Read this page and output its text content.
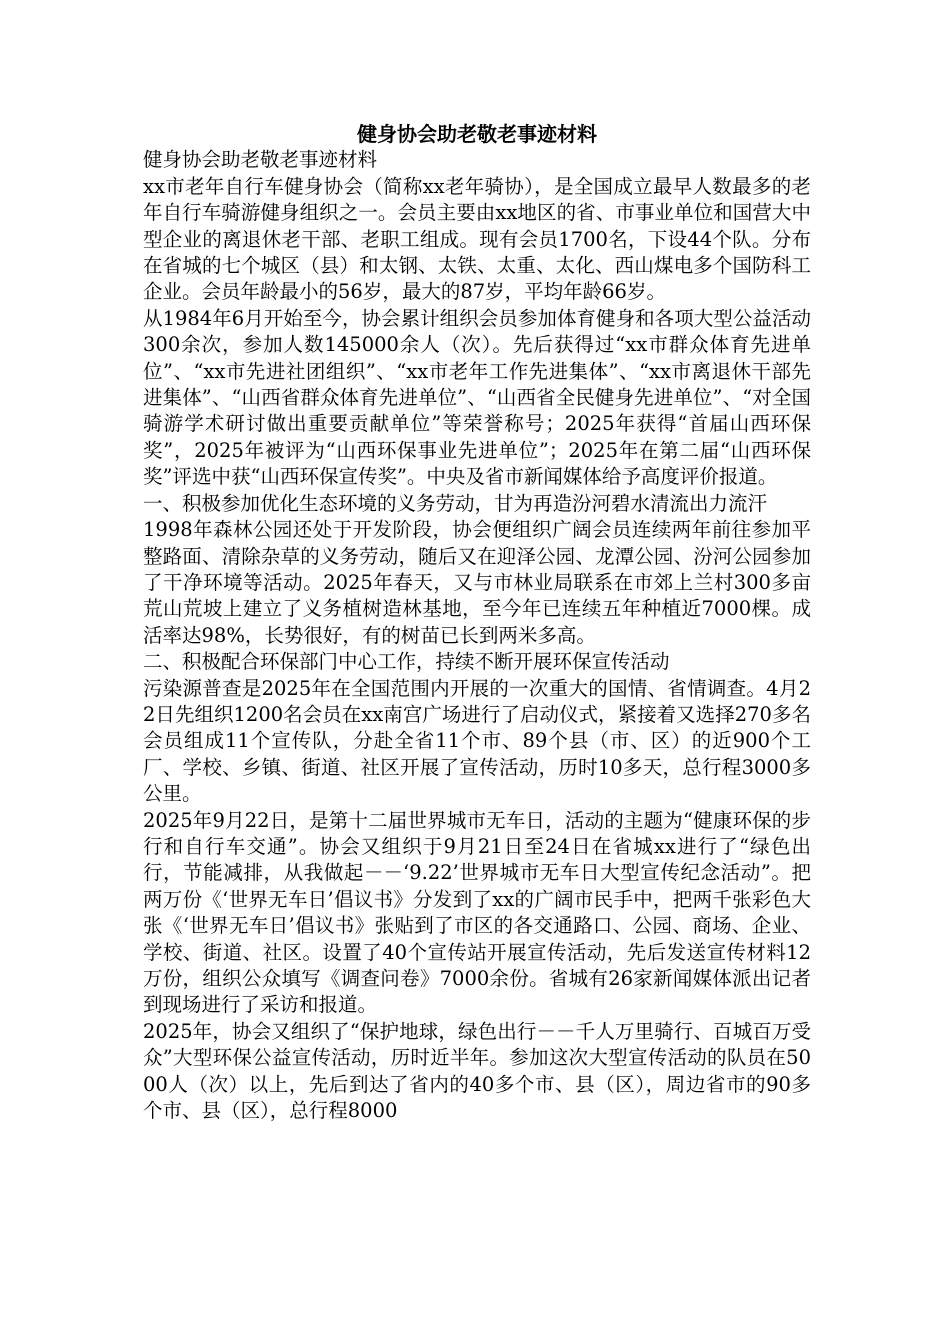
健身协会助老敬老事迹材料

健身协会助老敬老事迹材料

xx市老年自行车健身协会（简称xx老年骑协），是全国成立最早人数最多的老年自行车骑游健身组织之一。会员主要由xx地区的省、市事业单位和国营大中型企业的离退休老干部、老职工组成。现有会员1700名，下设44个队。分布在省城的七个城区（县）和太钢、太铁、太重、太化、西山煤电多个国防科工企业。会员年龄最小的56岁，最大的87岁，平均年龄66岁。

从1984年6月开始至今，协会累计组织会员参加体育健身和各项大型公益活动300余次，参加人数145000余人（次）。先后获得过“xx市群众体育先进单位”、“xx市先进社团组织”、“xx市老年工作先进集体”、“xx市离退休干部先进集体”、“山西省群众体育先进单位”、“山西省全民健身先进单位”、“对全国骑游学术研讨做出重要贡献单位”等荣誉称号；2025年获得“首届山西环保奖”，2025年被评为“山西环保事业先进单位”；2025年在第二届“山西环保奖”评选中获“山西环保宣传奖”。中央及省市新闻媒体给予高度评价报道。

一、积极参加优化生态环境的义务劳动，甘为再造汾河碧水清流出力流汗

1998年森林公园还处于开发阶段，协会便组织广阔会员连续两年前往参加平整路面、清除杂草的义务劳动，随后又在迎泽公园、龙潭公园、汾河公园参加了干净环境等活动。2025年春天，又与市林业局联系在市郊上兰村300多亩荒山荒坡上建立了义务植树造林基地，至今年已连续五年种植近7000棵。成活率达98%，长势很好，有的树苗已长到两米多高。

二、积极配合环保部门中心工作，持续不断开展环保宣传活动

污染源普查是2025年在全国范围内开展的一次重大的国情、省情调查。4月22日先组织1200名会员在xx南宫广场进行了启动仪式，紧接着又选择270多名会员组成11个宣传队，分赴全省11个市、89个县（市、区）的近900个工厂、学校、乡镇、街道、社区开展了宣传活动，历时10多天，总行程3000多公里。

2025年9月22日，是第十二届世界城市无车日，活动的主题为“健康环保的步行和自行车交通”。协会又组织于9月21日至24日在省城xx进行了“绿色出行，节能减排，从我做起－－‘9.22’世界城市无车日大型宣传纪念活动”。把两万份《‘世界无车日’倡议书》分发到了xx的广阔市民手中，把两千张彩色大张《‘世界无车日’倡议书》张贴到了市区的各交通路口、公园、商场、企业、学校、街道、社区。设置了40个宣传站开展宣传活动，先后发送宣传材料12万份，组织公众填写《调查问卷》7000余份。省城有26家新闻媒体派出记者到现场进行了采访和报道。

2025年，协会又组织了“保护地球，绿色出行－－千人万里骑行、百城百万受众”大型环保公益宣传活动，历时近半年。参加这次大型宣传活动的队员在5000人（次）以上，先后到达了省内的40多个市、县（区），周边省市的90多个市、县（区），总行程8000
